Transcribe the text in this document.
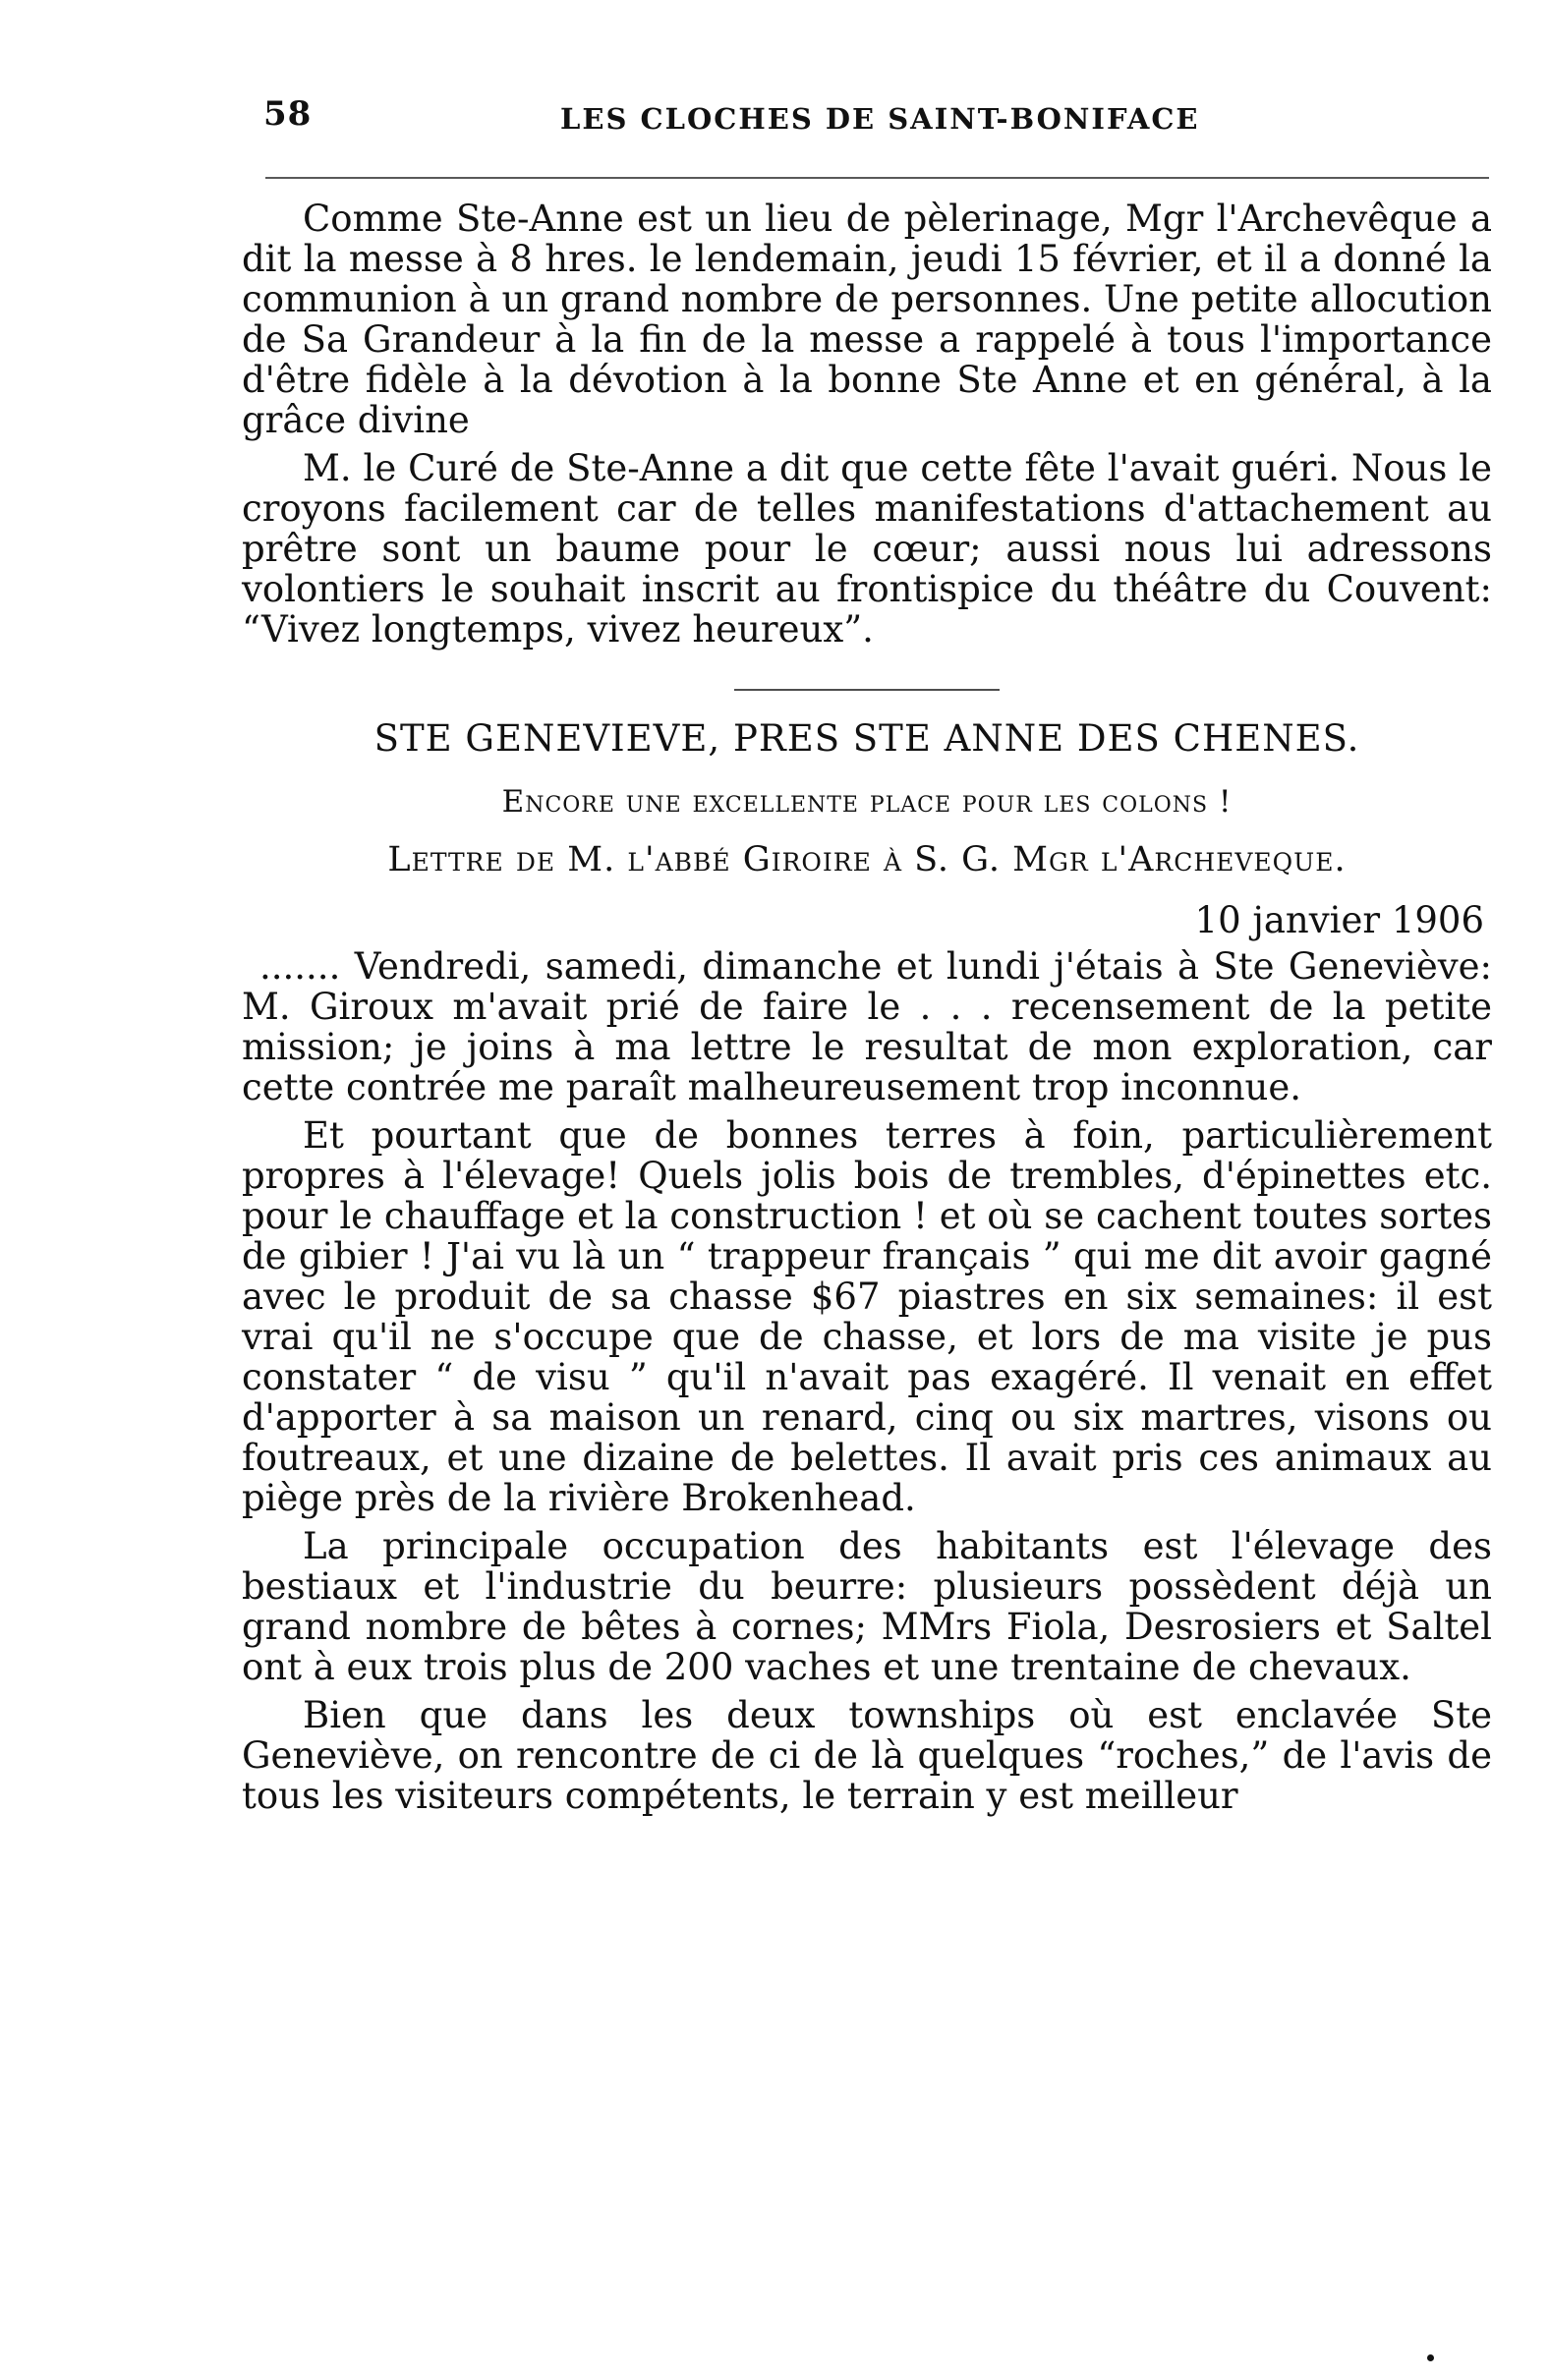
58	LES CLOCHES DE SAINT-BONIFACE

Comme Ste-Anne est un lieu de pèlerinage, Mgr l'Archevêque a dit la messe à 8 hres. le lendemain, jeudi 15 février, et il a donné la communion à un grand nombre de personnes. Une petite allocution de Sa Grandeur à la fin de la messe a rappelé à tous l'importance d'être fidèle à la dévotion à la bonne Ste Anne et en général, à la grâce divine

M. le Curé de Ste-Anne a dit que cette fête l'avait guéri. Nous le croyons facilement car de telles manifestations d'attachement au prêtre sont un baume pour le cœur; aussi nous lui adressons volontiers le souhait inscrit au frontispice du théâtre du Couvent: “Vivez longtemps, vivez heureux”.

STE GENEVIEVE, PRES STE ANNE DES CHENES.
Encore une excellente place pour les colons !
Lettre de M. l'abbé Giroire à S. G. Mgr l'Archeveque.
10 janvier 1906

....... Vendredi, samedi, dimanche et lundi j'étais à Ste Geneviève: M. Giroux m'avait prié de faire le . . . recensement de la petite mission; je joins à ma lettre le resultat de mon exploration, car cette contrée me paraît malheureusement trop inconnue.

Et pourtant que de bonnes terres à foin, particulièrement propres à l'élevage! Quels jolis bois de trembles, d'épinettes etc. pour le chauffage et la construction ! et où se cachent toutes sortes de gibier ! J'ai vu là un “ trappeur français ” qui me dit avoir gagné avec le produit de sa chasse $67 piastres en six semaines: il est vrai qu'il ne s'occupe que de chasse, et lors de ma visite je pus constater “ de visu ” qu'il n'avait pas exagéré. Il venait en effet d'apporter à sa maison un renard, cinq ou six martres, visons ou foutreaux, et une dizaine de belettes. Il avait pris ces animaux au piège près de la rivière Brokenhead.

La principale occupation des habitants est l'élevage des bestiaux et l'industrie du beurre: plusieurs possèdent déjà un grand nombre de bêtes à cornes; MMrs Fiola, Desrosiers et Saltel ont à eux trois plus de 200 vaches et une trentaine de chevaux.

Bien que dans les deux townships où est enclavée Ste Geneviève, on rencontre de ci de là quelques “roches,” de l'avis de tous les visiteurs compétents, le terrain y est meilleur
